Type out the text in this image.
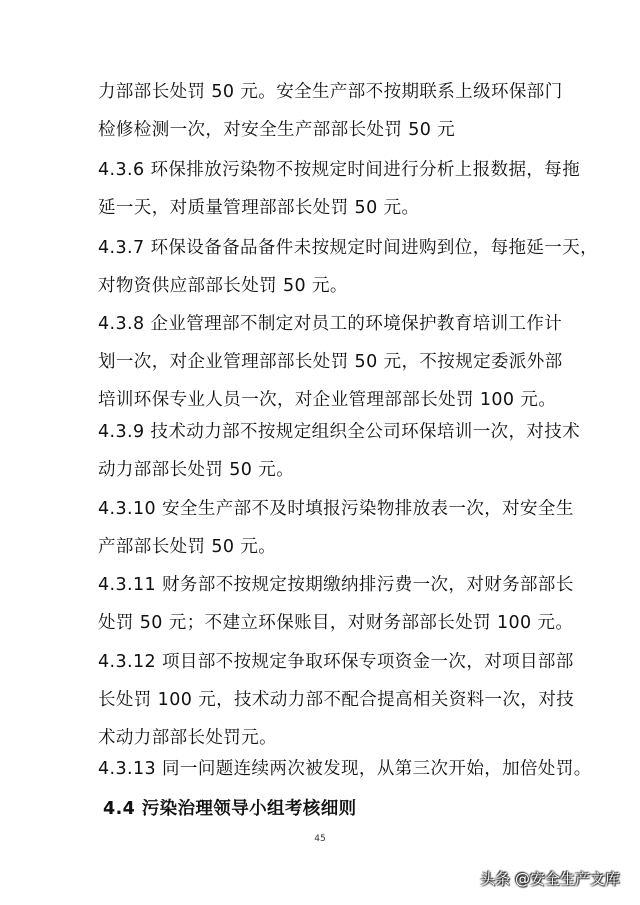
力部部长处罚 50 元。安全生产部不按期联系上级环保部门
检修检测一次，对安全生产部部长处罚 50 元

4.3.6 环保排放污染物不按规定时间进行分析上报数据，每拖
延一天，对质量管理部部长处罚 50 元。

4.3.7 环保设备备品备件未按规定时间进购到位，每拖延一天，
对物资供应部部长处罚 50 元。

4.3.8 企业管理部不制定对员工的环境保护教育培训工作计
划一次，对企业管理部部长处罚 50 元，不按规定委派外部
培训环保专业人员一次，对企业管理部部长处罚 100 元。

4.3.9 技术动力部不按规定组织全公司环保培训一次，对技术
动力部部长处罚 50 元。

4.3.10 安全生产部不及时填报污染物排放表一次，对安全生
产部部长处罚 50 元。

4.3.11 财务部不按规定按期缴纳排污费一次，对财务部部长
处罚 50 元；不建立环保账目，对财务部部长处罚 100 元。

4.3.12 项目部不按规定争取环保专项资金一次，对项目部部
长处罚 100 元，技术动力部不配合提高相关资料一次，对技
术动力部部长处罚元。

4.3.13 同一问题连续两次被发现，从第三次开始，加倍处罚。

4.4 污染治理领导小组考核细则
45
头条 @安全生产文库
